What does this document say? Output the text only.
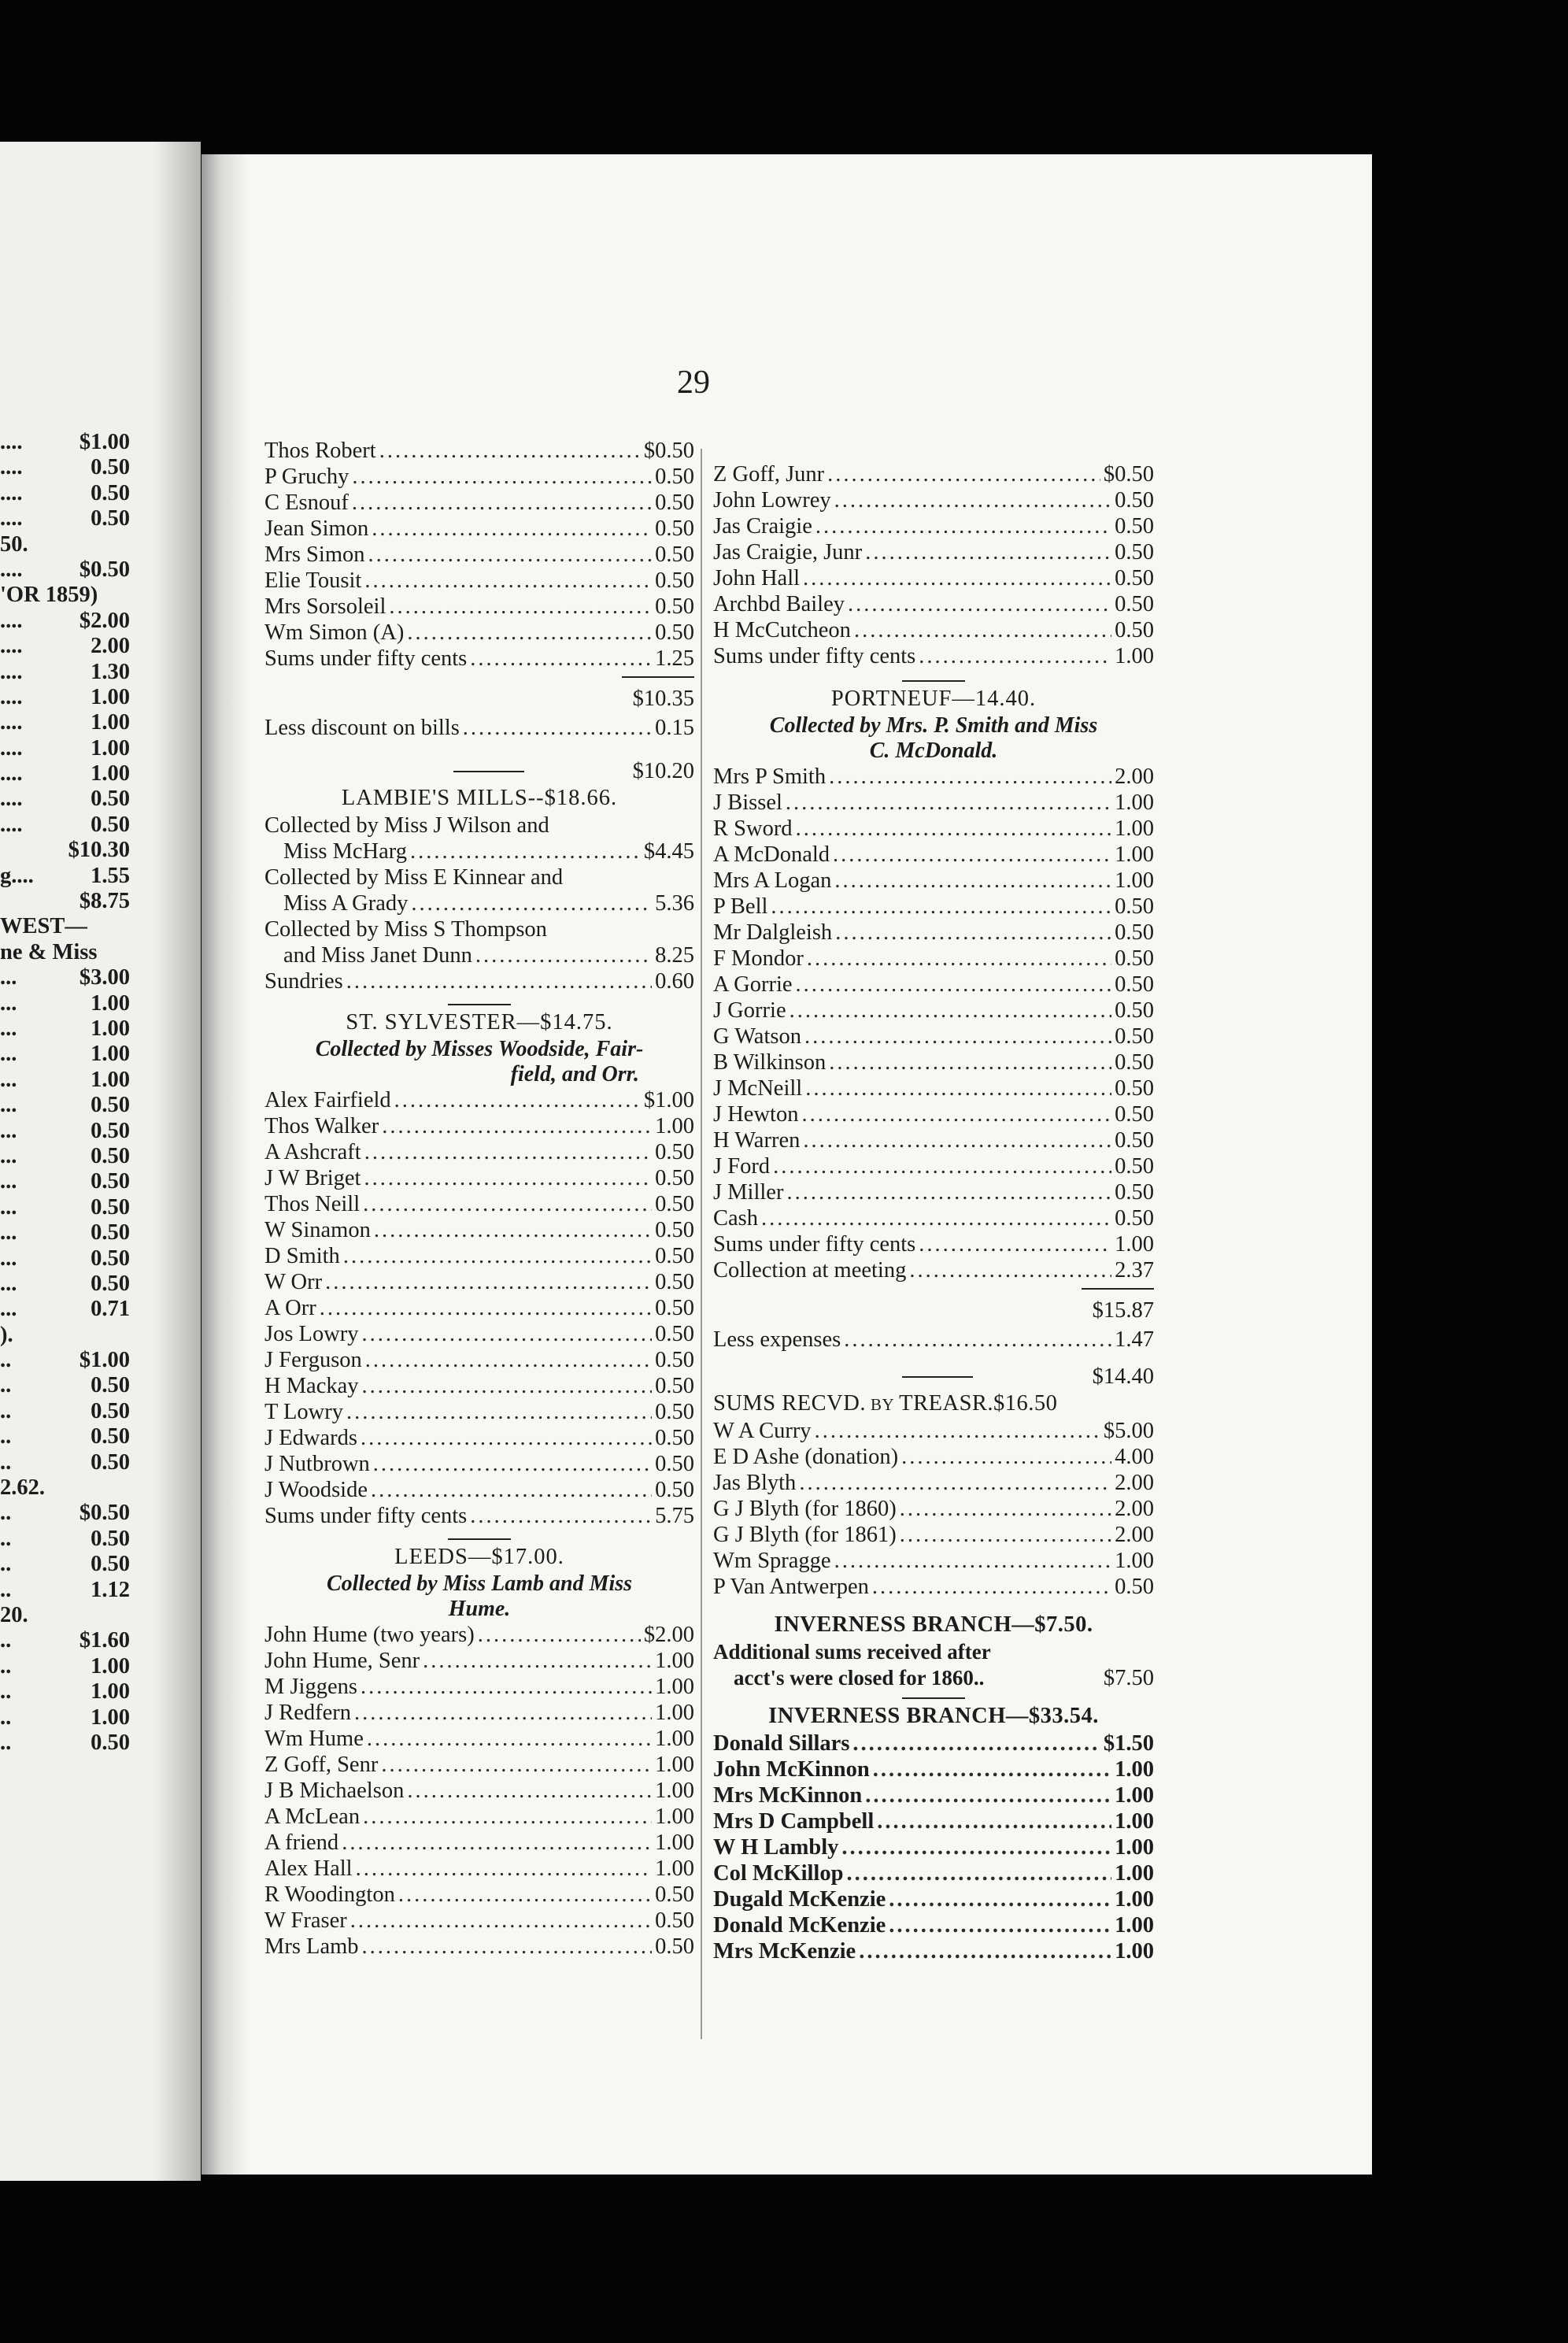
....	$1.00
....	0.50
....	0.50
....	0.50
50.
....	$0.50
'OR 1859)
....	$2.00
....	2.00
....	1.30
....	1.00
....	1.00
....	1.00
....	1.00
....	0.50
....	0.50
$10.30
g....	1.55
$8.75
WEST—
ne & Miss
...	$3.00
...	1.00
...	1.00
...	1.00
...	1.00
...	0.50
...	0.50
...	0.50
...	0.50
...	0.50
...	0.50
...	0.50
...	0.50
...	0.71
).
..	$1.00
..	0.50
..	0.50
..	0.50
..	0.50
2.62.
..	$0.50
..	0.50
..	0.50
..	1.12
20.
..	$1.60
..	1.00
..	1.00
..	1.00
..	0.50
29
Thos Robert .....	$0.50
P Gruchy .....	0.50
C Esnouf .....	0.50
Jean Simon .....	0.50
Mrs Simon .....	0.50
Elie Tousit .....	0.50
Mrs Sorsoleil .....	0.50
Wm Simon (A) .....	0.50
Sums under fifty cents .....	1.25
$10.35
Less discount on bills .....	0.15
$10.20
LAMBIE'S MILLS--$18.66.
Collected by Miss J Wilson and
Miss McHarg .....	$4.45
Collected by Miss E Kinnear and
Miss A Grady .....	5.36
Collected by Miss S Thompson
and Miss Janet Dunn .....	8.25
Sundries .....	0.60
ST. SYLVESTER—$14.75.
Collected by Misses Woodside, Fair-
field, and Orr.
Alex Fairfield .....	$1.00
Thos Walker .....	1.00
A Ashcraft .....	0.50
J W Briget .....	0.50
Thos Neill .....	0.50
W Sinamon .....	0.50
D Smith .....	0.50
W Orr .....	0.50
A Orr .....	0.50
Jos Lowry .....	0.50
J Ferguson .....	0.50
H Mackay .....	0.50
T Lowry .....	0.50
J Edwards .....	0.50
J Nutbrown .....	0.50
J Woodside .....	0.50
Sums under fifty cents .....	5.75
LEEDS—$17.00.
Collected by Miss Lamb and Miss
Hume.
John Hume (two years) .....	$2.00
John Hume, Senr .....	1.00
M Jiggens .....	1.00
J Redfern .....	1.00
Wm Hume .....	1.00
Z Goff, Senr .....	1.00
J B Michaelson .....	1.00
A McLean .....	1.00
A friend .....	1.00
Alex Hall .....	1.00
R Woodington .....	0.50
W Fraser .....	0.50
Mrs Lamb .....	0.50
Z Goff, Junr .....	$0.50
John Lowrey .....	0.50
Jas Craigie .....	0.50
Jas Craigie, Junr .....	0.50
John Hall .....	0.50
Archbd Bailey .....	0.50
H McCutcheon .....	0.50
Sums under fifty cents .....	1.00
PORTNEUF—14.40.
Collected by Mrs. P. Smith and Miss
C. McDonald.
Mrs P Smith .....	2.00
J Bissel .....	1.00
R Sword .....	1.00
A McDonald .....	1.00
Mrs A Logan .....	1.00
P Bell .....	0.50
Mr Dalgleish .....	0.50
F Mondor .....	0.50
A Gorrie .....	0.50
J Gorrie .....	0.50
G Watson .....	0.50
B Wilkinson .....	0.50
J McNeill .....	0.50
J Hewton .....	0.50
H Warren .....	0.50
J Ford .....	0.50
J Miller .....	0.50
Cash .....	0.50
Sums under fifty cents .....	1.00
Collection at meeting .....	2.37
$15.87
Less expenses .....	1.47
$14.40
SUMS RECVD. BY TREASR.$16.50
W A Curry .....	$5.00
E D Ashe (donation) .....	4.00
Jas Blyth .....	2.00
G J Blyth (for 1860) .....	2.00
G J Blyth (for 1861) .....	2.00
Wm Spragge .....	1.00
P Van Antwerpen .....	0.50
INVERNESS BRANCH—$7.50.
Additional sums received after
acct's were closed for 1860..	$7.50
INVERNESS BRANCH—$33.54.
Donald Sillars .....	$1.50
John McKinnon .....	1.00
Mrs McKinnon .....	1.00
Mrs D Campbell .....	1.00
W H Lambly .....	1.00
Col McKillop .....	1.00
Dugald McKenzie .....	1.00
Donald McKenzie .....	1.00
Mrs McKenzie .....	1.00
